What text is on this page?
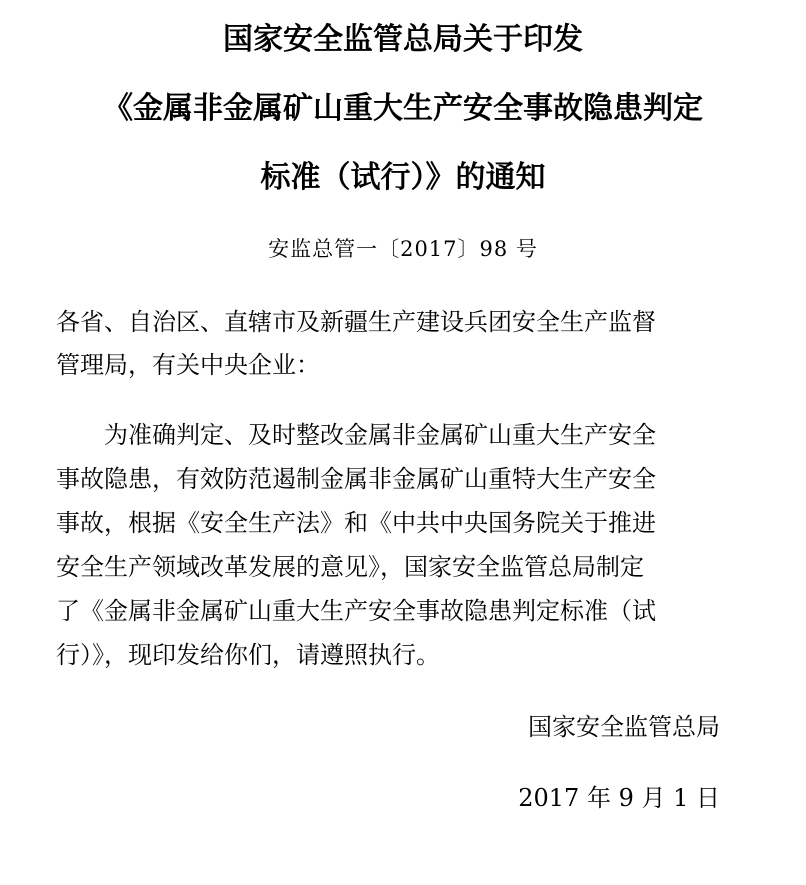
国家安全监管总局关于印发
《金属非金属矿山重大生产安全事故隐患判定
标准（试行）》的通知
安监总管一〔2017〕98 号
各省、自治区、直辖市及新疆生产建设兵团安全生产监督
管理局，有关中央企业：
　　为准确判定、及时整改金属非金属矿山重大生产安全
事故隐患，有效防范遏制金属非金属矿山重特大生产安全
事故，根据《安全生产法》和《中共中央国务院关于推进
安全生产领域改革发展的意见》，国家安全监管总局制定
了《金属非金属矿山重大生产安全事故隐患判定标准（试
行）》，现印发给你们，请遵照执行。
国家安全监管总局
2017 年 9 月 1 日
